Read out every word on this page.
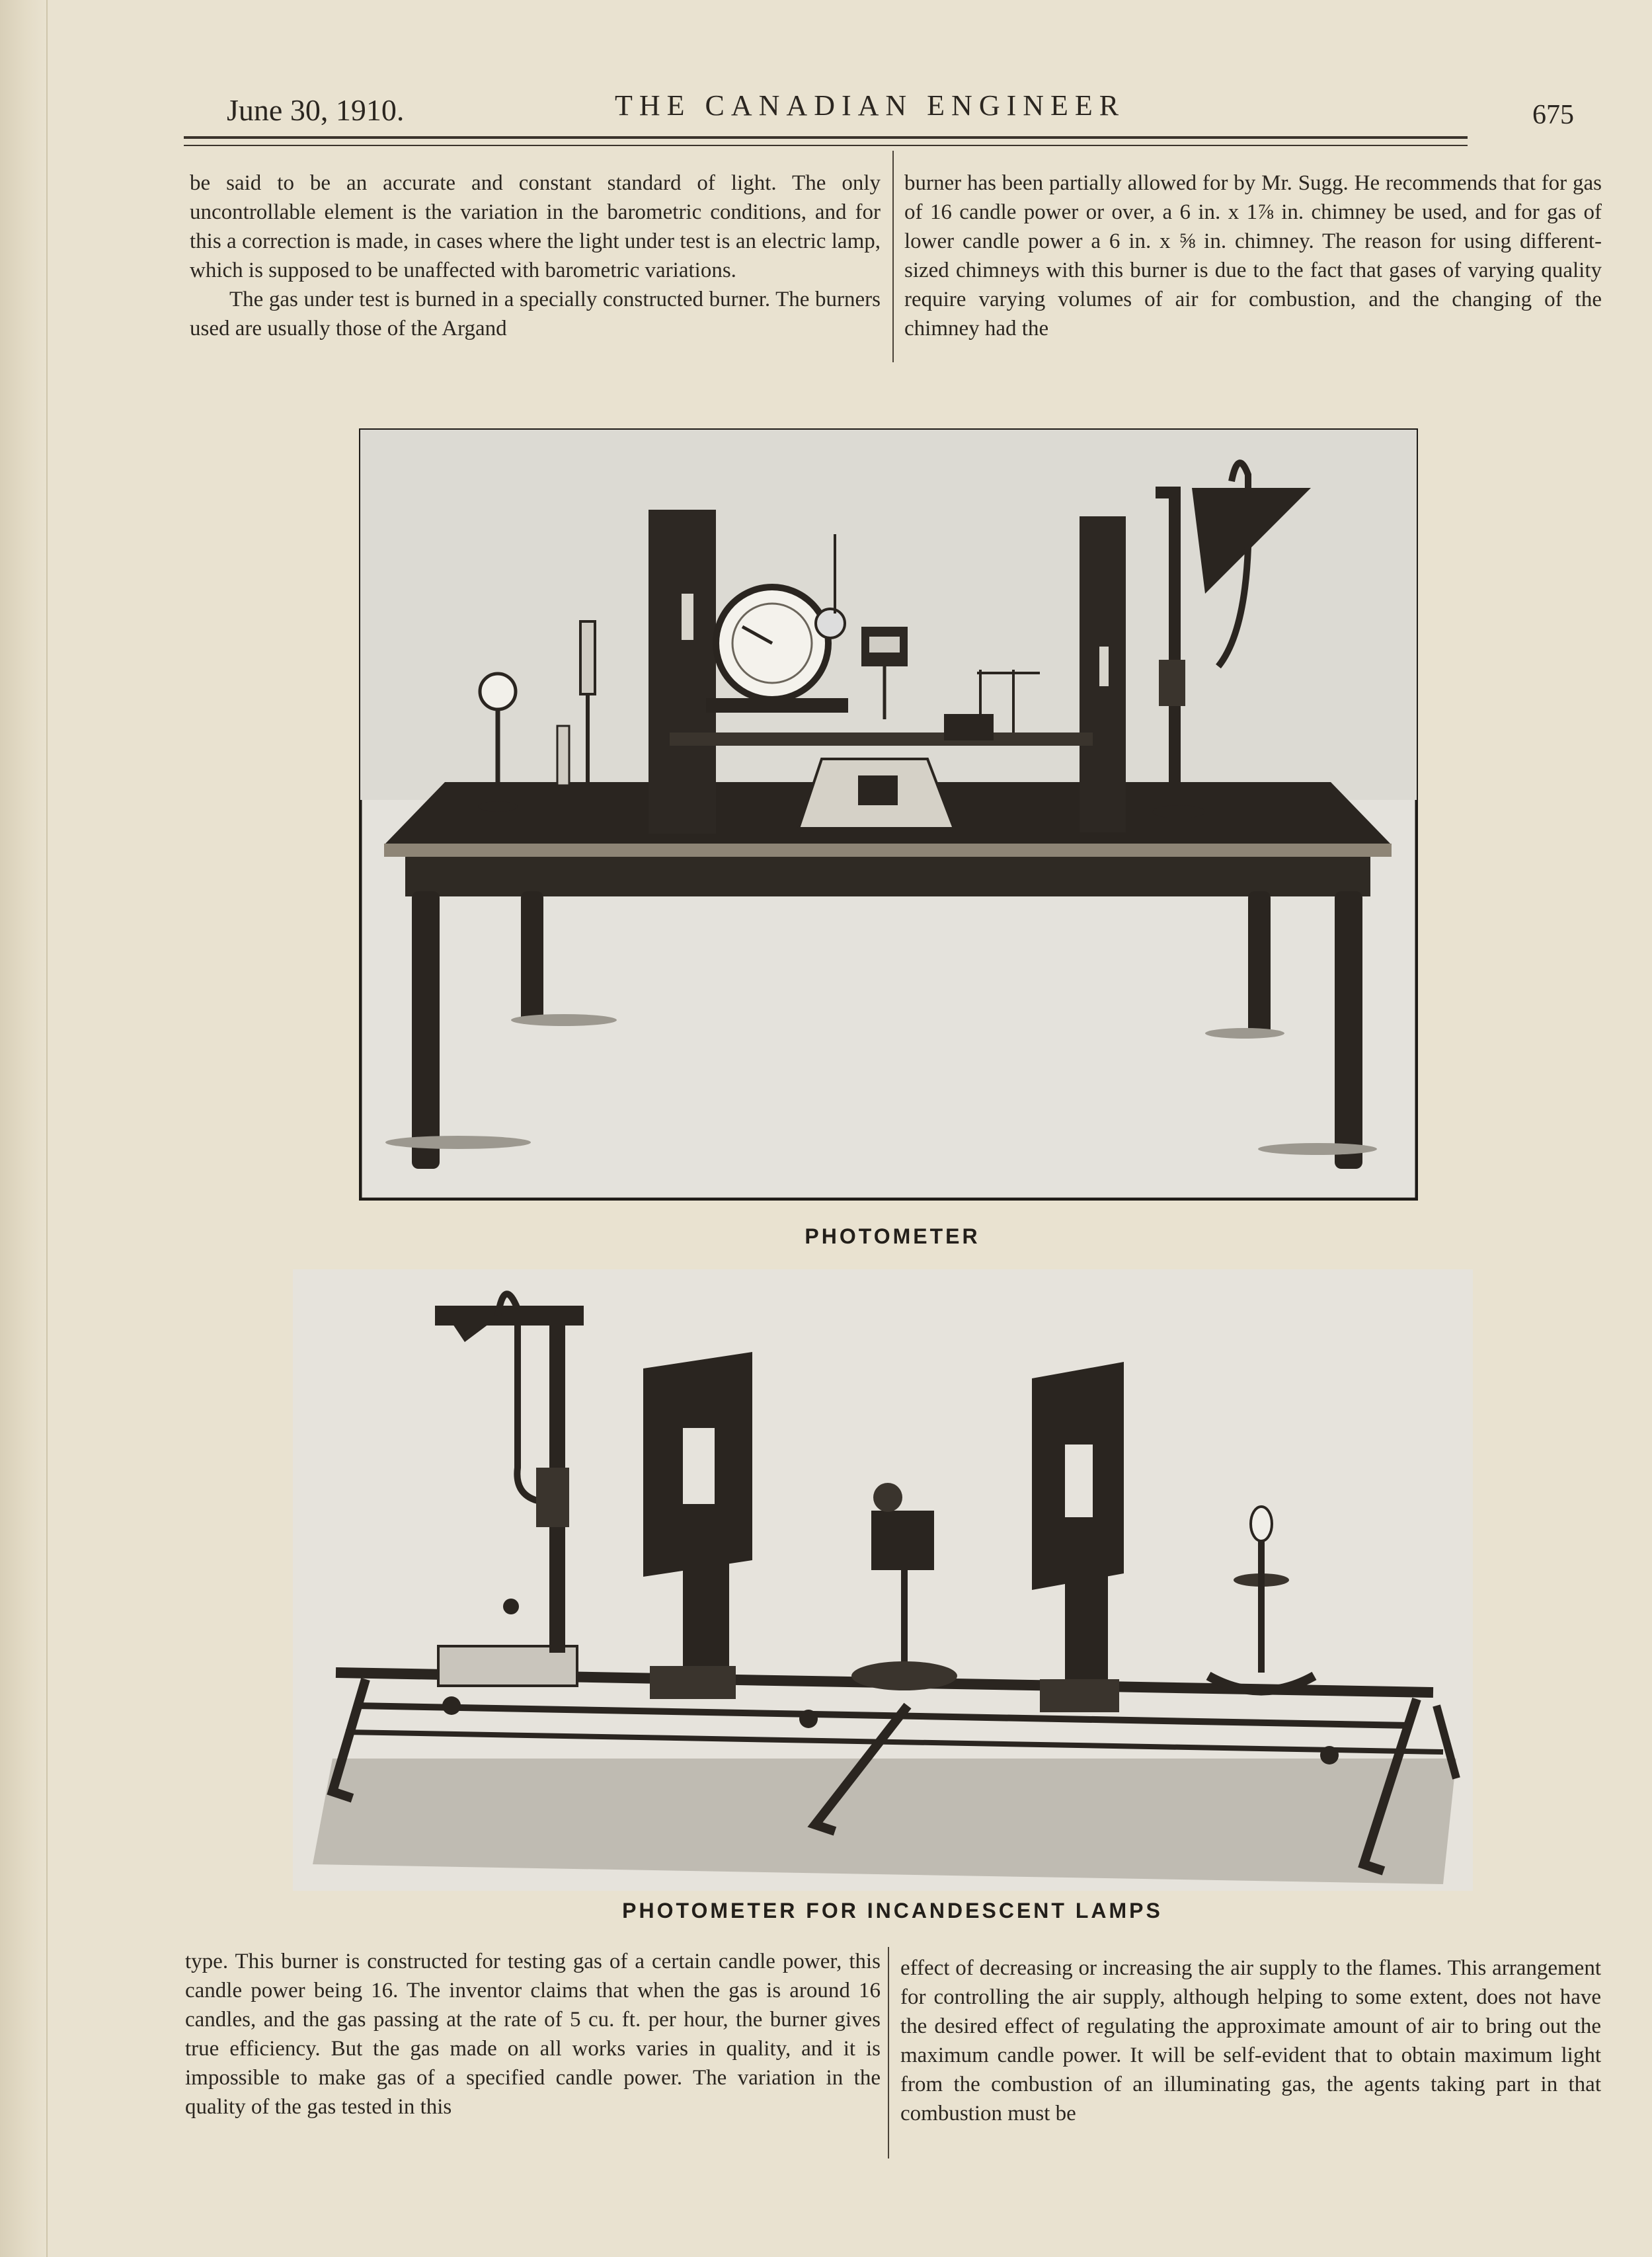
June 30, 1910.	THE CANADIAN ENGINEER	675

be said to be an accurate and constant standard of light. The only uncontrollable element is the variation in the barometric conditions, and for this a correction is made, in cases where the light under test is an electric lamp, which is supposed to be unaffected with barometric variations.

The gas under test is burned in a specially constructed burner. The burners used are usually those of the Argand

burner has been partially allowed for by Mr. Sugg. He recommends that for gas of 16 candle power or over, a 6 in. x 1⅞ in. chimney be used, and for gas of lower candle power a 6 in. x ⅝ in. chimney. The reason for using different-sized chimneys with this burner is due to the fact that gases of varying quality require varying volumes of air for combustion, and the changing of the chimney had the

PHOTOMETER
PHOTOMETER FOR INCANDESCENT LAMPS

type. This burner is constructed for testing gas of a certain candle power, this candle power being 16. The inventor claims that when the gas is around 16 candles, and the gas passing at the rate of 5 cu. ft. per hour, the burner gives true efficiency. But the gas made on all works varies in quality, and it is impossible to make gas of a specified candle power. The variation in the quality of the gas tested in this

effect of decreasing or increasing the air supply to the flames. This arrangement for controlling the air supply, although helping to some extent, does not have the desired effect of regulating the approximate amount of air to bring out the maximum candle power. It will be self-evident that to obtain maximum light from the combustion of an illuminating gas, the agents taking part in that combustion must be
